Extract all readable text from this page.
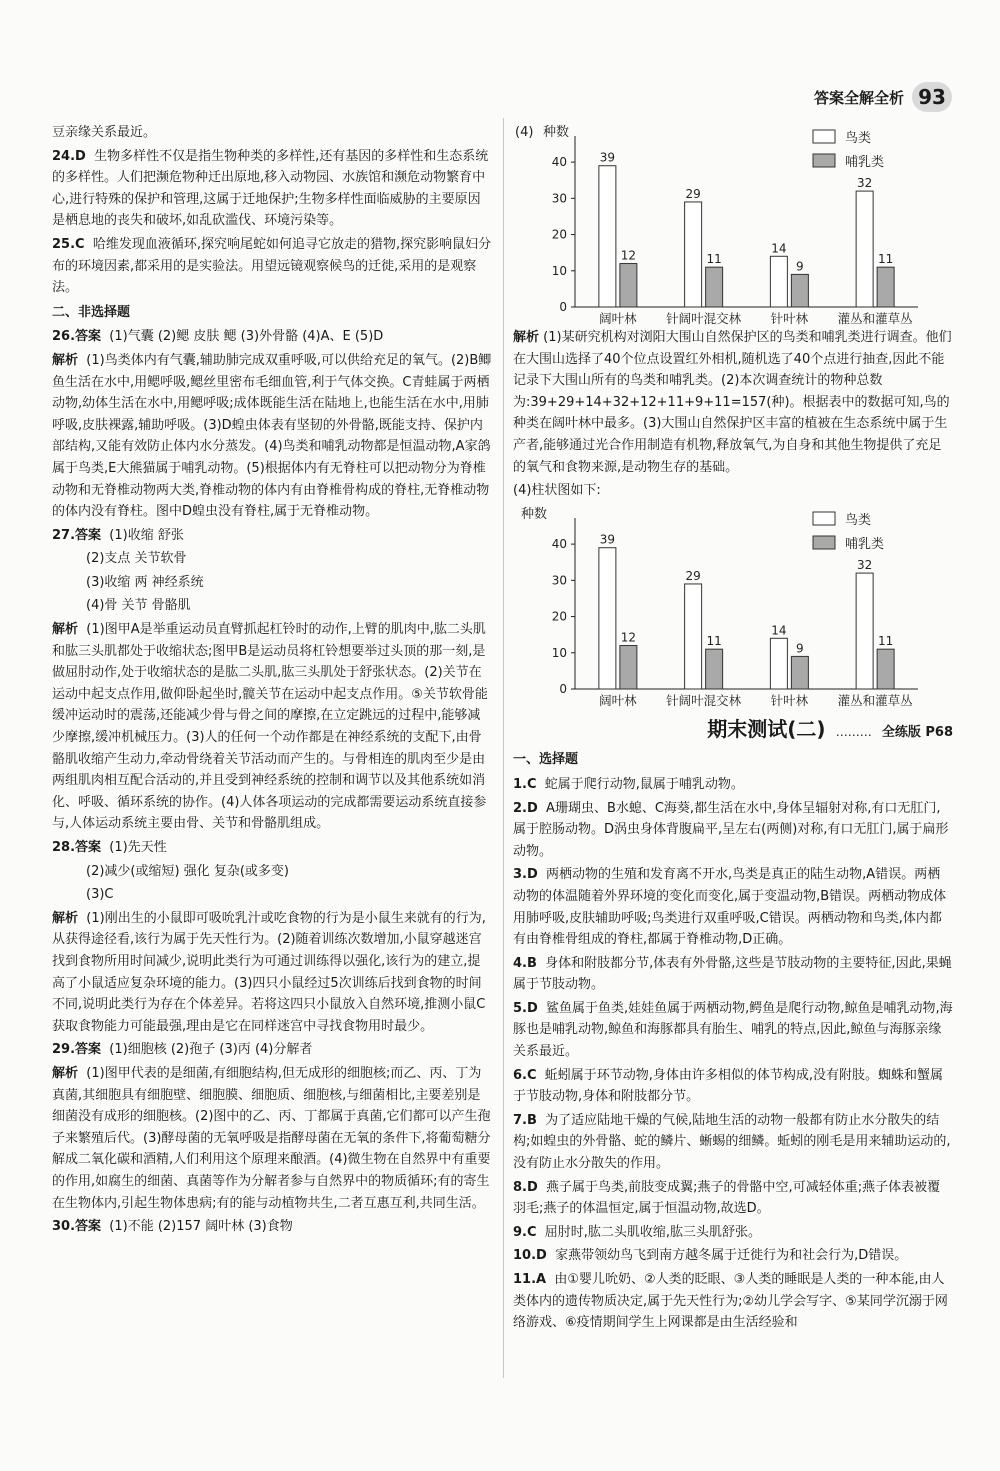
答案全解全析 93
豆亲缘关系最近。
24.D 生物多样性不仅是指生物种类的多样性,还有基因的多样性和生态系统的多样性。人们把濒危物种迁出原地,移入动物园、水族馆和濒危动物繁育中心,进行特殊的保护和管理,这属于迁地保护;生物多样性面临威胁的主要原因是栖息地的丧失和破坏,如乱砍滥伐、环境污染等。
25.C 哈维发现血液循环,探究响尾蛇如何追寻它放走的猎物,探究影响鼠妇分布的环境因素,都采用的是实验法。用望远镜观察候鸟的迁徙,采用的是观察法。
二、非选择题
26.答案 (1)气囊 (2)鳃 皮肤 鳃 (3)外骨骼 (4)A、E (5)D
解析 (1)鸟类体内有气囊,辅助肺完成双重呼吸,可以供给充足的氧气。(2)B鲫鱼生活在水中,用鳃呼吸,鳃丝里密布毛细血管,利于气体交换。C青蛙属于两栖动物,幼体生活在水中,用鳃呼吸;成体既能生活在陆地上,也能生活在水中,用肺呼吸,皮肤裸露,辅助呼吸。(3)D蝗虫体表有坚韧的外骨骼,既能支持、保护内部结构,又能有效防止体内水分蒸发。(4)鸟类和哺乳动物都是恒温动物,A家鸽属于鸟类,E大熊猫属于哺乳动物。(5)根据体内有无脊柱可以把动物分为脊椎动物和无脊椎动物两大类,脊椎动物的体内有由脊椎骨构成的脊柱,无脊椎动物的体内没有脊柱。图中D蝗虫没有脊柱,属于无脊椎动物。
27.答案 (1)收缩 舒张
(2)支点 关节软骨
(3)收缩 两 神经系统
(4)骨 关节 骨骼肌
解析 (1)图甲A是举重运动员直臂抓起杠铃时的动作,上臂的肌肉中,肱二头肌和肱三头肌都处于收缩状态;图甲B是运动员将杠铃想要举过头顶的那一刻,是做屈肘动作,处于收缩状态的是肱二头肌,肱三头肌处于舒张状态。(2)关节在运动中起支点作用,做仰卧起坐时,髋关节在运动中起支点作用。⑤关节软骨能缓冲运动时的震荡,还能减少骨与骨之间的摩擦,在立定跳远的过程中,能够减少摩擦,缓冲机械压力。(3)人的任何一个动作都是在神经系统的支配下,由骨骼肌收缩产生动力,牵动骨绕着关节活动而产生的。与骨相连的肌肉至少是由两组肌肉相互配合活动的,并且受到神经系统的控制和调节以及其他系统如消化、呼吸、循环系统的协作。(4)人体各项运动的完成都需要运动系统直接参与,人体运动系统主要由骨、关节和骨骼肌组成。
28.答案 (1)先天性
(2)减少(或缩短) 强化 复杂(或多变)
(3)C
解析 (1)刚出生的小鼠即可吸吮乳汁或吃食物的行为是小鼠生来就有的行为,从获得途径看,该行为属于先天性行为。(2)随着训练次数增加,小鼠穿越迷宫找到食物所用时间减少,说明此类行为可通过训练得以强化,该行为的建立,提高了小鼠适应复杂环境的能力。(3)四只小鼠经过5次训练后找到食物的时间不同,说明此类行为存在个体差异。若将这四只小鼠放入自然环境,推测小鼠C获取食物能力可能最强,理由是它在同样迷宫中寻找食物用时最少。
29.答案 (1)细胞核 (2)孢子 (3)丙 (4)分解者
解析 (1)图甲代表的是细菌,有细胞结构,但无成形的细胞核;而乙、丙、丁为真菌,其细胞具有细胞壁、细胞膜、细胞质、细胞核,与细菌相比,主要差别是细菌没有成形的细胞核。(2)图中的乙、丙、丁都属于真菌,它们都可以产生孢子来繁殖后代。(3)酵母菌的无氧呼吸是指酵母菌在无氧的条件下,将葡萄糖分解成二氧化碳和酒精,人们利用这个原理来酿酒。(4)微生物在自然界中有重要的作用,如腐生的细菌、真菌等作为分解者参与自然界中的物质循环;有的寄生在生物体内,引起生物体患病;有的能与动植物共生,二者互惠互利,共同生活。
30.答案 (1)不能 (2)157 阔叶林 (3)食物
(4) 种数
0
10
20
30
40
阔叶林
39
12
针阔叶混交林
29
11
针叶林
14
9
灌丛和灌草丛
32
11
鸟类
哺乳类
解析 (1)某研究机构对浏阳大围山自然保护区的鸟类和哺乳类进行调查。他们在大围山选择了40个位点设置红外相机,随机选了40个点进行抽查,因此不能记录下大围山所有的鸟类和哺乳类。(2)本次调查统计的物种总数为:39+29+14+32+12+11+9+11=157(种)。根据表中的数据可知,鸟的种类在阔叶林中最多。(3)大围山自然保护区丰富的植被在生态系统中属于生产者,能够通过光合作用制造有机物,释放氧气,为自身和其他生物提供了充足的氧气和食物来源,是动物生存的基础。
(4)柱状图如下:
种数
0
10
20
30
40
阔叶林
39
12
针阔叶混交林
29
11
针叶林
14
9
灌丛和灌草丛
32
11
鸟类
哺乳类
期末测试(二) ……… 全练版 P68
一、选择题
1.C 蛇属于爬行动物,鼠属于哺乳动物。
2.D A珊瑚虫、B水螅、C海葵,都生活在水中,身体呈辐射对称,有口无肛门,属于腔肠动物。D涡虫身体背腹扁平,呈左右(两侧)对称,有口无肛门,属于扁形动物。
3.D 两栖动物的生殖和发育离不开水,鸟类是真正的陆生动物,A错误。两栖动物的体温随着外界环境的变化而变化,属于变温动物,B错误。两栖动物成体用肺呼吸,皮肤辅助呼吸;鸟类进行双重呼吸,C错误。两栖动物和鸟类,体内都有由脊椎骨组成的脊柱,都属于脊椎动物,D正确。
4.B 身体和附肢都分节,体表有外骨骼,这些是节肢动物的主要特征,因此,果蝇属于节肢动物。
5.D 鲨鱼属于鱼类,娃娃鱼属于两栖动物,鳄鱼是爬行动物,鲸鱼是哺乳动物,海豚也是哺乳动物,鲸鱼和海豚都具有胎生、哺乳的特点,因此,鲸鱼与海豚亲缘关系最近。
6.C 蚯蚓属于环节动物,身体由许多相似的体节构成,没有附肢。蜘蛛和蟹属于节肢动物,身体和附肢都分节。
7.B 为了适应陆地干燥的气候,陆地生活的动物一般都有防止水分散失的结构;如蝗虫的外骨骼、蛇的鳞片、蜥蜴的细鳞。蚯蚓的刚毛是用来辅助运动的,没有防止水分散失的作用。
8.D 燕子属于鸟类,前肢变成翼;燕子的骨骼中空,可减轻体重;燕子体表被覆羽毛;燕子的体温恒定,属于恒温动物,故选D。
9.C 屈肘时,肱二头肌收缩,肱三头肌舒张。
10.D 家燕带领幼鸟飞到南方越冬属于迁徙行为和社会行为,D错误。
11.A 由①婴儿吮奶、②人类的眨眼、③人类的睡眠是人类的一种本能,由人类体内的遗传物质决定,属于先天性行为;②幼儿学会写字、⑤某同学沉溺于网络游戏、⑥疫情期间学生上网课都是由生活经验和
